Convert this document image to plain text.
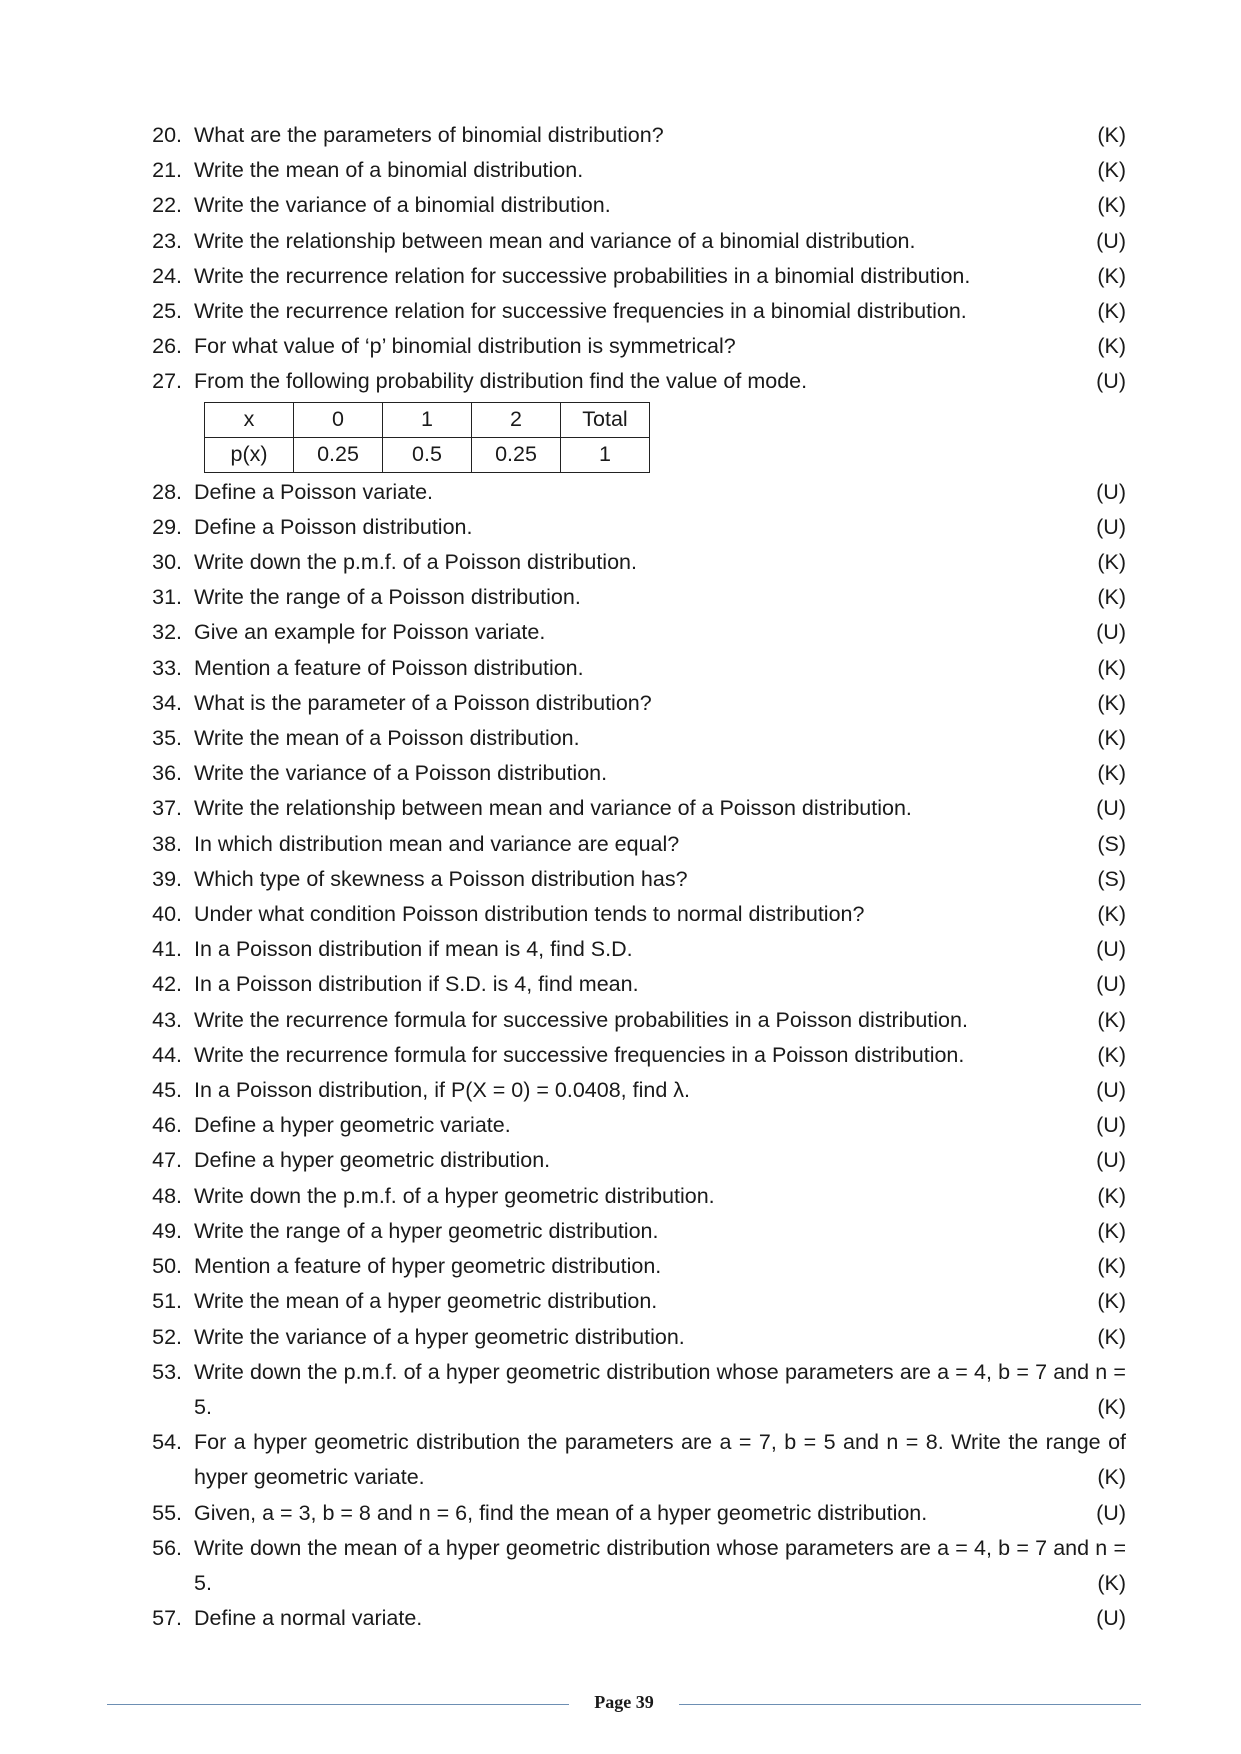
20. What are the parameters of binomial distribution?	(K)
21. Write the mean of a binomial distribution.	(K)
22. Write the variance of a binomial distribution.	(K)
23. Write the relationship between mean and variance of a binomial distribution.	(U)
24. Write the recurrence relation for successive probabilities in a binomial distribution.	(K)
25. Write the recurrence relation for successive frequencies in a binomial distribution.	(K)
26. For what value of ‘p’ binomial distribution is symmetrical?	(K)
27. From the following probability distribution find the value of mode.	(U)
x	0	1	2	Total
p(x)	0.25	0.5	0.25	1
28. Define a Poisson variate.	(U)
29. Define a Poisson distribution.	(U)
30. Write down the p.m.f. of a Poisson distribution.	(K)
31. Write the range of a Poisson distribution.	(K)
32. Give an example for Poisson variate.	(U)
33. Mention a feature of Poisson distribution.	(K)
34. What is the parameter of a Poisson distribution?	(K)
35. Write the mean of a Poisson distribution.	(K)
36. Write the variance of a Poisson distribution.	(K)
37. Write the relationship between mean and variance of a Poisson distribution.	(U)
38. In which distribution mean and variance are equal?	(S)
39. Which type of skewness a Poisson distribution has?	(S)
40. Under what condition Poisson distribution tends to normal distribution?	(K)
41. In a Poisson distribution if mean is 4, find S.D.	(U)
42. In a Poisson distribution if S.D. is 4, find mean.	(U)
43. Write the recurrence formula for successive probabilities in a Poisson distribution.	(K)
44. Write the recurrence formula for successive frequencies in a Poisson distribution.	(K)
45. In a Poisson distribution, if P(X = 0) = 0.0408, find λ.	(U)
46. Define a hyper geometric variate.	(U)
47. Define a hyper geometric distribution.	(U)
48. Write down the p.m.f. of a hyper geometric distribution.	(K)
49. Write the range of a hyper geometric distribution.	(K)
50. Mention a feature of hyper geometric distribution.	(K)
51. Write the mean of a hyper geometric distribution.	(K)
52. Write the variance of a hyper geometric distribution.	(K)
53. Write down the p.m.f. of a hyper geometric distribution whose parameters are a = 4, b = 7 and n = 5.	(K)
54. For a hyper geometric distribution the parameters are a = 7, b = 5 and n = 8. Write the range of hyper geometric variate.	(K)
55. Given, a = 3, b = 8 and n = 6, find the mean of a hyper geometric distribution.	(U)
56. Write down the mean of a hyper geometric distribution whose parameters are a = 4, b = 7 and n = 5.	(K)
57. Define a normal variate.	(U)
Page 39
